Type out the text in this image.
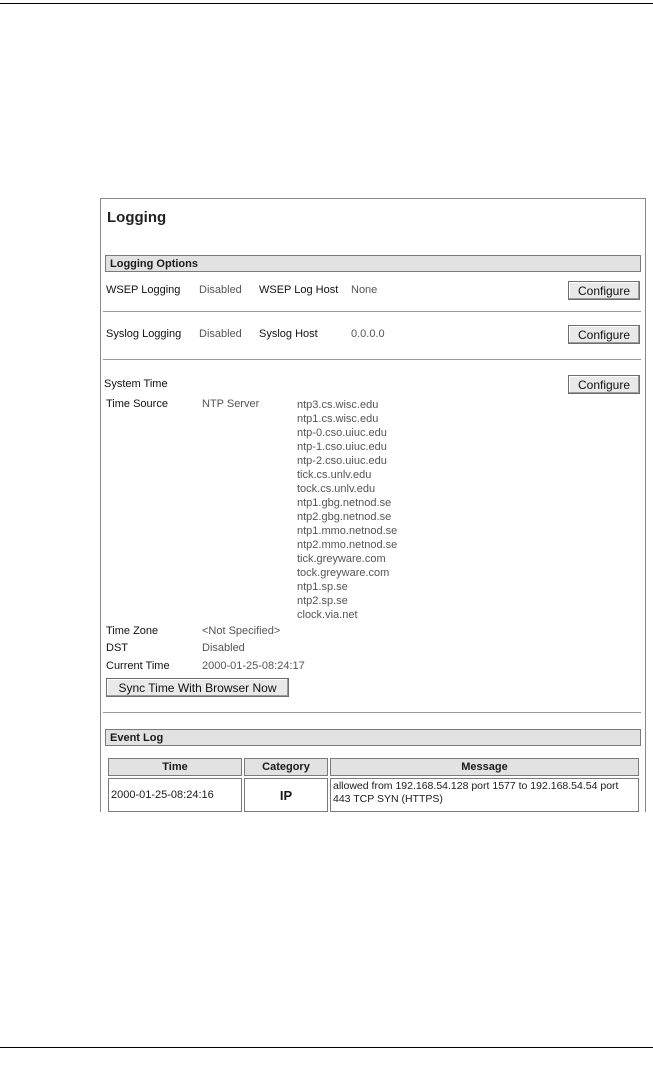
Logging
Logging Options
WSEP Logging Disabled WSEP Log Host None	Configure
Syslog Logging Disabled Syslog Host	0.0.0.0	Configure
System Time	Configure
Time Source	NTP Server	ntp3.cs.wisc.edu
ntp1.cs.wisc.edu
ntp-0.cso.uiuc.edu
ntp-1.cso.uiuc.edu
ntp-2.cso.uiuc.edu
tick.cs.unlv.edu
tock.cs.unlv.edu
ntp1.gbg.netnod.se
ntp2.gbg.netnod.se
ntp1.mmo.netnod.se
ntp2.mmo.netnod.se
tick.greyware.com
tock.greyware.com
ntp1.sp.se
ntp2.sp.se
clock.via.net
Time Zone	<Not Specified>
DST	Disabled
Current Time	2000-01-25-08:24:17
Sync Time With Browser Now
Event Log
Time	Category	Message
2000-01-25-08:24:16	IP	allowed from 192.168.54.128 port 1577 to 192.168.54.54 port 443 TCP SYN (HTTPS)
